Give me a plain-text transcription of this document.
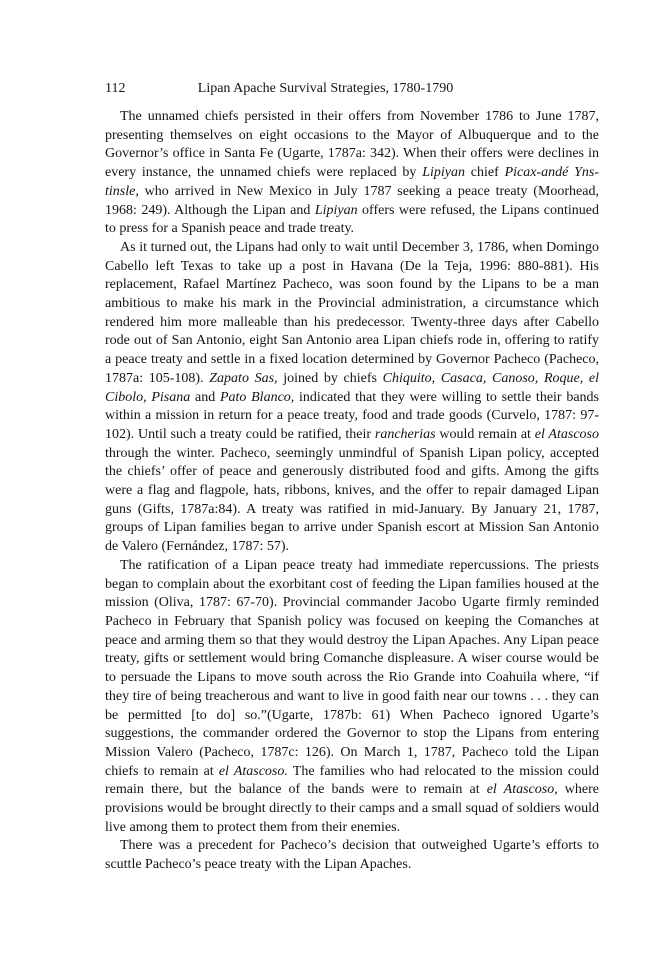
112	Lipan Apache Survival Strategies, 1780-1790

The unnamed chiefs persisted in their offers from November 1786 to June 1787, presenting themselves on eight occasions to the Mayor of Albuquerque and to the Governor’s office in Santa Fe (Ugarte, 1787a: 342). When their offers were declines in every instance, the unnamed chiefs were replaced by Lipiyan chief Picax-andé Yns-tinsle, who arrived in New Mexico in July 1787 seeking a peace treaty (Moorhead, 1968: 249). Although the Lipan and Lipiyan offers were refused, the Lipans continued to press for a Spanish peace and trade treaty.

As it turned out, the Lipans had only to wait until December 3, 1786, when Domingo Cabello left Texas to take up a post in Havana (De la Teja, 1996: 880-881). His replacement, Rafael Martínez Pacheco, was soon found by the Lipans to be a man ambitious to make his mark in the Provincial administration, a circumstance which rendered him more malleable than his predecessor. Twenty-three days after Cabello rode out of San Antonio, eight San Antonio area Lipan chiefs rode in, offering to ratify a peace treaty and settle in a fixed location determined by Governor Pacheco (Pacheco, 1787a: 105-108). Zapato Sas, joined by chiefs Chiquito, Casaca, Canoso, Roque, el Cibolo, Pisana and Pato Blanco, indicated that they were willing to settle their bands within a mission in return for a peace treaty, food and trade goods (Curvelo, 1787: 97-102). Until such a treaty could be ratified, their rancherias would remain at el Atascoso through the winter. Pacheco, seemingly unmindful of Spanish Lipan policy, accepted the chiefs’ offer of peace and generously distributed food and gifts. Among the gifts were a flag and flagpole, hats, ribbons, knives, and the offer to repair damaged Lipan guns (Gifts, 1787a:84). A treaty was ratified in mid-January. By January 21, 1787, groups of Lipan families began to arrive under Spanish escort at Mission San Antonio de Valero (Fernández, 1787: 57).

The ratification of a Lipan peace treaty had immediate repercussions. The priests began to complain about the exorbitant cost of feeding the Lipan families housed at the mission (Oliva, 1787: 67-70). Provincial commander Jacobo Ugarte firmly reminded Pacheco in February that Spanish policy was focused on keeping the Comanches at peace and arming them so that they would destroy the Lipan Apaches. Any Lipan peace treaty, gifts or settlement would bring Comanche displeasure. A wiser course would be to persuade the Lipans to move south across the Rio Grande into Coahuila where, “if they tire of being treacherous and want to live in good faith near our towns . . . they can be permitted [to do] so.”(Ugarte, 1787b: 61) When Pacheco ignored Ugarte’s suggestions, the commander ordered the Governor to stop the Lipans from entering Mission Valero (Pacheco, 1787c: 126). On March 1, 1787, Pacheco told the Lipan chiefs to remain at el Atascoso. The families who had relocated to the mission could remain there, but the balance of the bands were to remain at el Atascoso, where provisions would be brought directly to their camps and a small squad of soldiers would live among them to protect them from their enemies.

There was a precedent for Pacheco’s decision that outweighed Ugarte’s efforts to scuttle Pacheco’s peace treaty with the Lipan Apaches.
